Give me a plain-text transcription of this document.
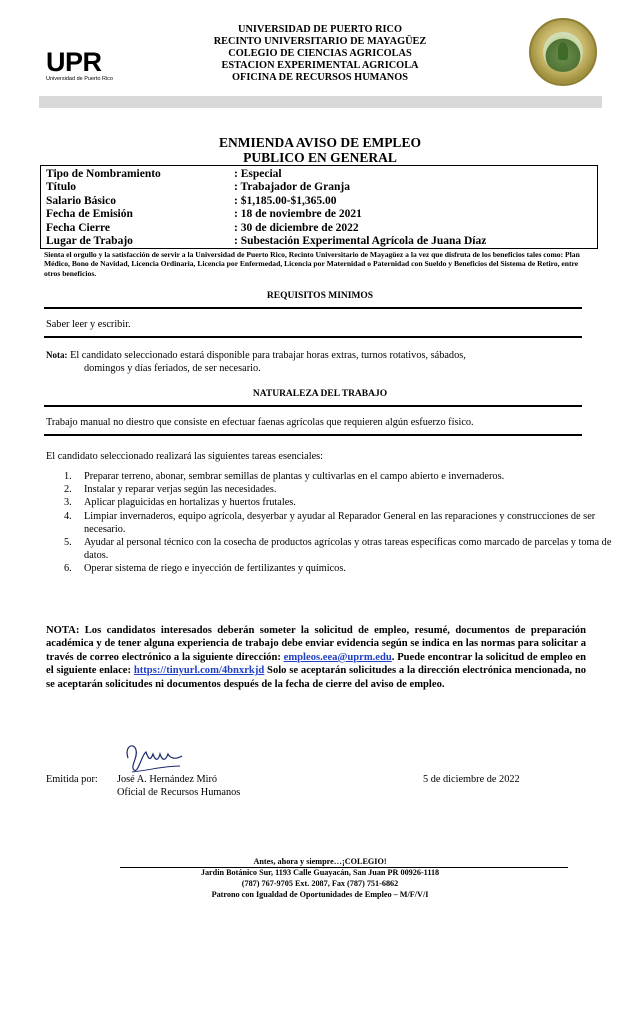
UPR
Universidad de Puerto Rico
UNIVERSIDAD DE PUERTO RICO
RECINTO UNIVERSITARIO DE MAYAGÜEZ
COLEGIO DE CIENCIAS AGRICOLAS
ESTACION EXPERIMENTAL AGRICOLA
OFICINA DE RECURSOS HUMANOS
ENMIENDA AVISO DE EMPLEO
PUBLICO EN GENERAL
Tipo de Nombramiento	: Especial
Título	: Trabajador de Granja
Salario Básico	: $1,185.00-$1,365.00
Fecha de Emisión	: 18 de noviembre de 2021
Fecha Cierre	: 30 de diciembre de 2022
Lugar de Trabajo	: Subestación Experimental Agrícola de Juana Díaz
Sienta el orgullo y la satisfacción de servir a la Universidad de Puerto Rico, Recinto Universitario de Mayagüez a la vez que disfruta de los beneficios tales como: Plan Médico, Bono de Navidad, Licencia Ordinaria, Licencia por Enfermedad, Licencia por Maternidad o Paternidad con Sueldo y Beneficios del Sistema de Retiro, entre otros beneficios.
REQUISITOS MINIMOS
Saber leer y escribir.
Nota: El candidato seleccionado estará disponible para trabajar horas extras, turnos rotativos, sábados,
domingos y días feriados, de ser necesario.
NATURALEZA DEL TRABAJO
Trabajo manual no diestro que consiste en efectuar faenas agrícolas que requieren algún esfuerzo físico.
El candidato seleccionado realizará las siguientes tareas esenciales:
1. Preparar terreno, abonar, sembrar semillas de plantas y cultivarlas en el campo abierto e invernaderos.
2. Instalar y reparar verjas según las necesidades.
3. Aplicar plaguicidas en hortalizas y huertos frutales.
4. Limpiar invernaderos, equipo agrícola, desyerbar y ayudar al Reparador General en las reparaciones y construcciones de ser necesario.
5. Ayudar al personal técnico con la cosecha de productos agrícolas y otras tareas específicas como marcado de parcelas y toma de datos.
6. Operar sistema de riego e inyección de fertilizantes y químicos.
NOTA: Los candidatos interesados deberán someter la solicitud de empleo, resumé, documentos de preparación académica y de tener alguna experiencia de trabajo debe enviar evidencia según se indica en las normas para solicitar a través de correo electrónico a la siguiente dirección: empleos.eea@uprm.edu. Puede encontrar la solicitud de empleo en el siguiente enlace: https://tinyurl.com/4bnxrkjd Solo se aceptarán solicitudes a la dirección electrónica mencionada, no se aceptarán solicitudes ni documentos después de la fecha de cierre del aviso de empleo.
Emitida por: José A. Hernández Miró
Oficial de Recursos Humanos
5 de diciembre de 2022
Antes, ahora y siempre…¡COLEGIO!
Jardín Botánico Sur, 1193 Calle Guayacán, San Juan PR 00926-1118
(787) 767-9705 Ext. 2087, Fax (787) 751-6862
Patrono con Igualdad de Oportunidades de Empleo – M/F/V/I
